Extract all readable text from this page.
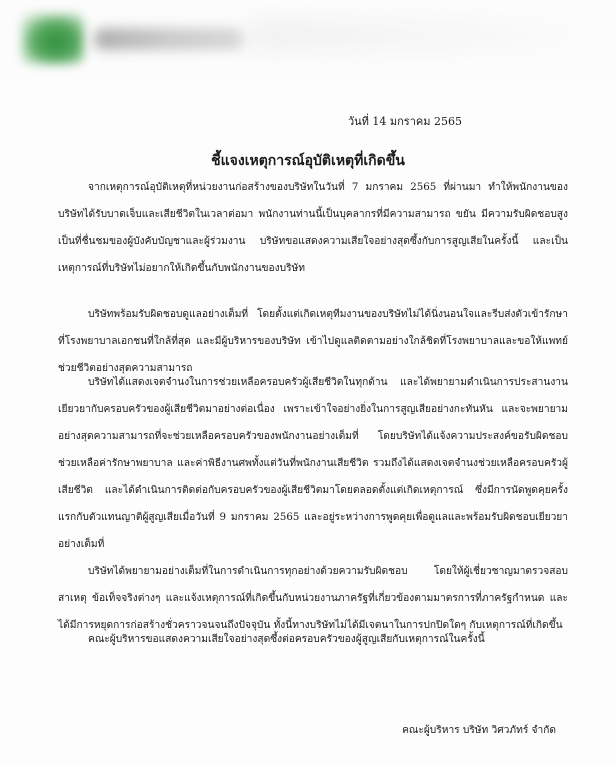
วันที่ 14 มกราคม 2565
ชี้แจงเหตุการณ์อุบัติเหตุที่เกิดขึ้น

จากเหตุการณ์อุบัติเหตุที่หน่วยงานก่อสร้างของบริษัทในวันที่ 7 มกราคม 2565 ที่ผ่านมา ทำให้พนักงานของบริษัทได้รับบาดเจ็บและเสียชีวิตในเวลาต่อมา พนักงานท่านนี้เป็นบุคลากรที่มีความสามารถ ขยัน มีความรับผิดชอบสูง เป็นที่ชื่นชมของผู้บังคับบัญชาและผู้ร่วมงาน บริษัทขอแสดงความเสียใจอย่างสุดซึ้งกับการสูญเสียในครั้งนี้ และเป็นเหตุการณ์ที่บริษัทไม่อยากให้เกิดขึ้นกับพนักงานของบริษัท

บริษัทพร้อมรับผิดชอบดูแลอย่างเต็มที่ โดยตั้งแต่เกิดเหตุทีมงานของบริษัทไม่ได้นิ่งนอนใจและรีบส่งตัวเข้ารักษาที่โรงพยาบาลเอกชนที่ใกล้ที่สุด และมีผู้บริหารของบริษัท เข้าไปดูแลติดตามอย่างใกล้ชิดที่โรงพยาบาลและขอให้แพทย์ช่วยชีวิตอย่างสุดความสามารถ

บริษัทได้แสดงเจตจำนงในการช่วยเหลือครอบครัวผู้เสียชีวิตในทุกด้าน และได้พยายามดำเนินการประสานงานเยียวยากับครอบครัวของผู้เสียชีวิตมาอย่างต่อเนื่อง เพราะเข้าใจอย่างยิ่งในการสูญเสียอย่างกะทันหัน และจะพยายามอย่างสุดความสามารถที่จะช่วยเหลือครอบครัวของพนักงานอย่างเต็มที่ โดยบริษัทได้แจ้งความประสงค์ขอรับผิดชอบช่วยเหลือค่ารักษาพยาบาล และค่าพิธีงานศพทั้งแต่วันที่พนักงานเสียชีวิต รวมถึงได้แสดงเจตจำนงช่วยเหลือครอบครัวผู้เสียชีวิต และได้ดำเนินการติดต่อกับครอบครัวของผู้เสียชีวิตมาโดยตลอดตั้งแต่เกิดเหตุการณ์ ซึ่งมีการนัดพูดคุยครั้งแรกกับตัวแทนญาติผู้สูญเสียเมื่อวันที่ 9 มกราคม 2565 และอยู่ระหว่างการพูดคุยเพื่อดูแลและพร้อมรับผิดชอบเยียวยาอย่างเต็มที่

บริษัทได้พยายามอย่างเต็มที่ในการดำเนินการทุกอย่างด้วยความรับผิดชอบ โดยให้ผู้เชี่ยวชาญมาตรวจสอบสาเหตุ ข้อเท็จจริงต่างๆ และแจ้งเหตุการณ์ที่เกิดขึ้นกับหน่วยงานภาครัฐที่เกี่ยวข้องตามมาตรการที่ภาครัฐกำหนด และได้มีการหยุดการก่อสร้างชั่วคราวจนจนถึงปัจจุบัน ทั้งนี้ทางบริษัทไม่ได้มีเจตนาในการปกปิดใดๆ กับเหตุการณ์ที่เกิดขึ้น

คณะผู้บริหารขอแสดงความเสียใจอย่างสุดซึ้งต่อครอบครัวของผู้สูญเสียกับเหตุการณ์ในครั้งนี้

คณะผู้บริหาร บริษัท วิศวภัทร์ จำกัด
